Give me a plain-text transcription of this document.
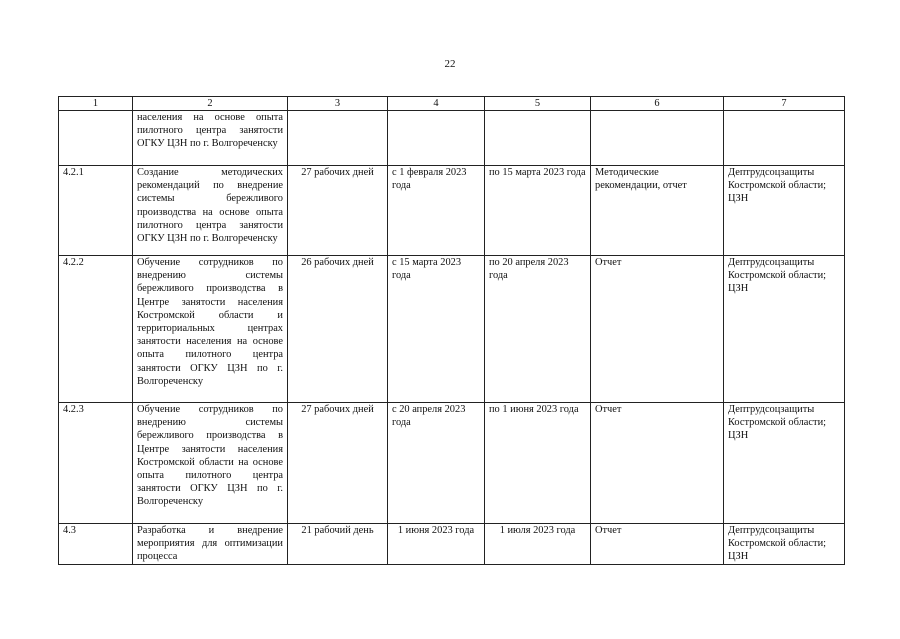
22
1	2	3	4	5	6	7
	населения на основе опыта пилотного центра занятости ОГКУ ЦЗН по г. Волгореченску					
4.2.1	Создание методических рекомендаций по внедрение системы бережливого производства на основе опыта пилотного центра занятости ОГКУ ЦЗН по г. Волгореченску	27 рабочих дней	с 1 февраля 2023 года	по 15 марта 2023 года	Методические рекомендации, отчет	Дептрудсоцзащиты Костромской области; ЦЗН
4.2.2	Обучение сотрудников по внедрению системы бережливого производства в Центре занятости населения Костромской области и территориальных центрах занятости населения на основе опыта пилотного центра занятости ОГКУ ЦЗН по г. Волгореченску	26 рабочих дней	с 15 марта 2023 года	по 20 апреля 2023 года	Отчет	Дептрудсоцзащиты Костромской области; ЦЗН
4.2.3	Обучение сотрудников по внедрению системы бережливого производства в Центре занятости населения Костромской области на основе опыта пилотного центра занятости ОГКУ ЦЗН по г. Волгореченску	27 рабочих дней	с 20 апреля 2023 года	по 1 июня 2023 года	Отчет	Дептрудсоцзащиты Костромской области; ЦЗН
4.3	Разработка и внедрение мероприятия для оптимизации процесса	21 рабочий день	1 июня 2023 года	1 июля 2023 года	Отчет	Дептрудсоцзащиты Костромской области; ЦЗН
